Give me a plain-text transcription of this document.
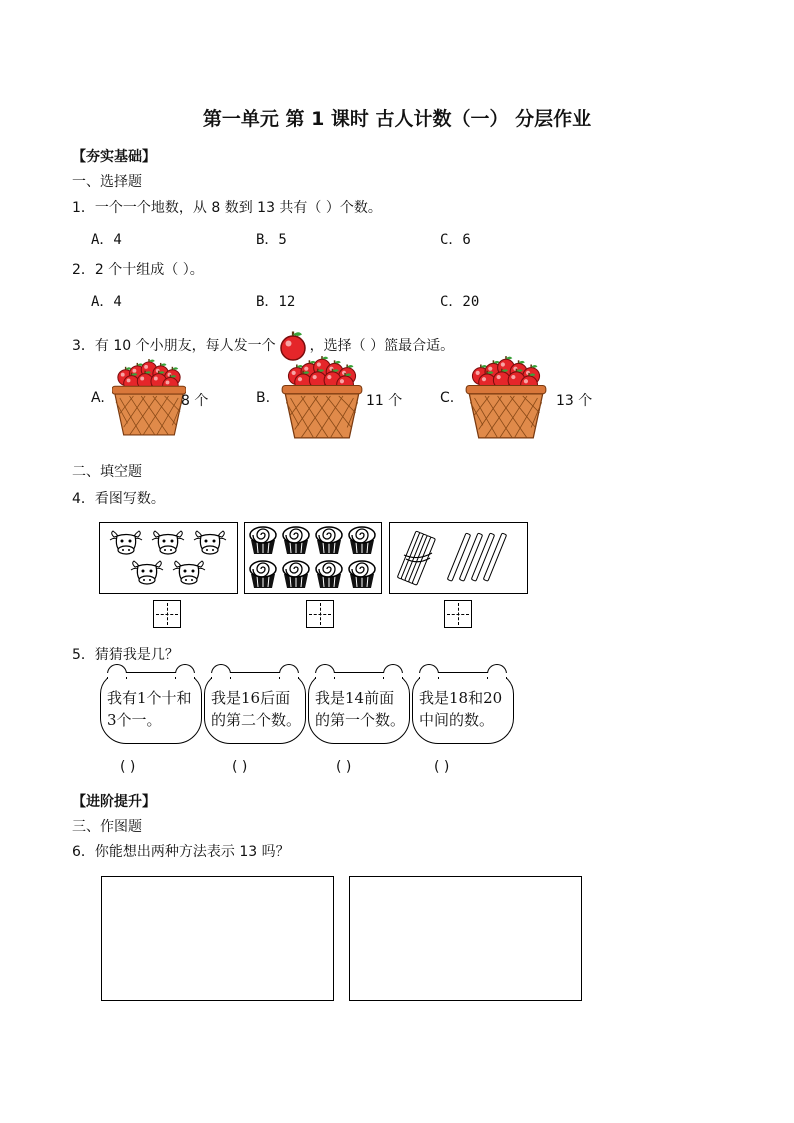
第一单元 第 1 课时 古人计数（一） 分层作业
【夯实基础】
一、选择题
1．一个一个地数，从 8 数到 13 共有（ ）个数。
A．4	B．5	C．6
2．2 个十组成（ ）。
A．4	B．12	C．20
3．有 10 个小朋友，每人发一个 ，选择（ ）篮最合适。
A.	8 个	B.	11 个	C.	13 个
二、填空题
4．看图写数。
5．猜猜我是几？
我有1个十和3个一。
我是16后面的第二个数。
我是14前面的第一个数。
我是18和20中间的数。
( )	( )	( )	( )
【进阶提升】
三、作图题
6．你能想出两种方法表示 13 吗？
